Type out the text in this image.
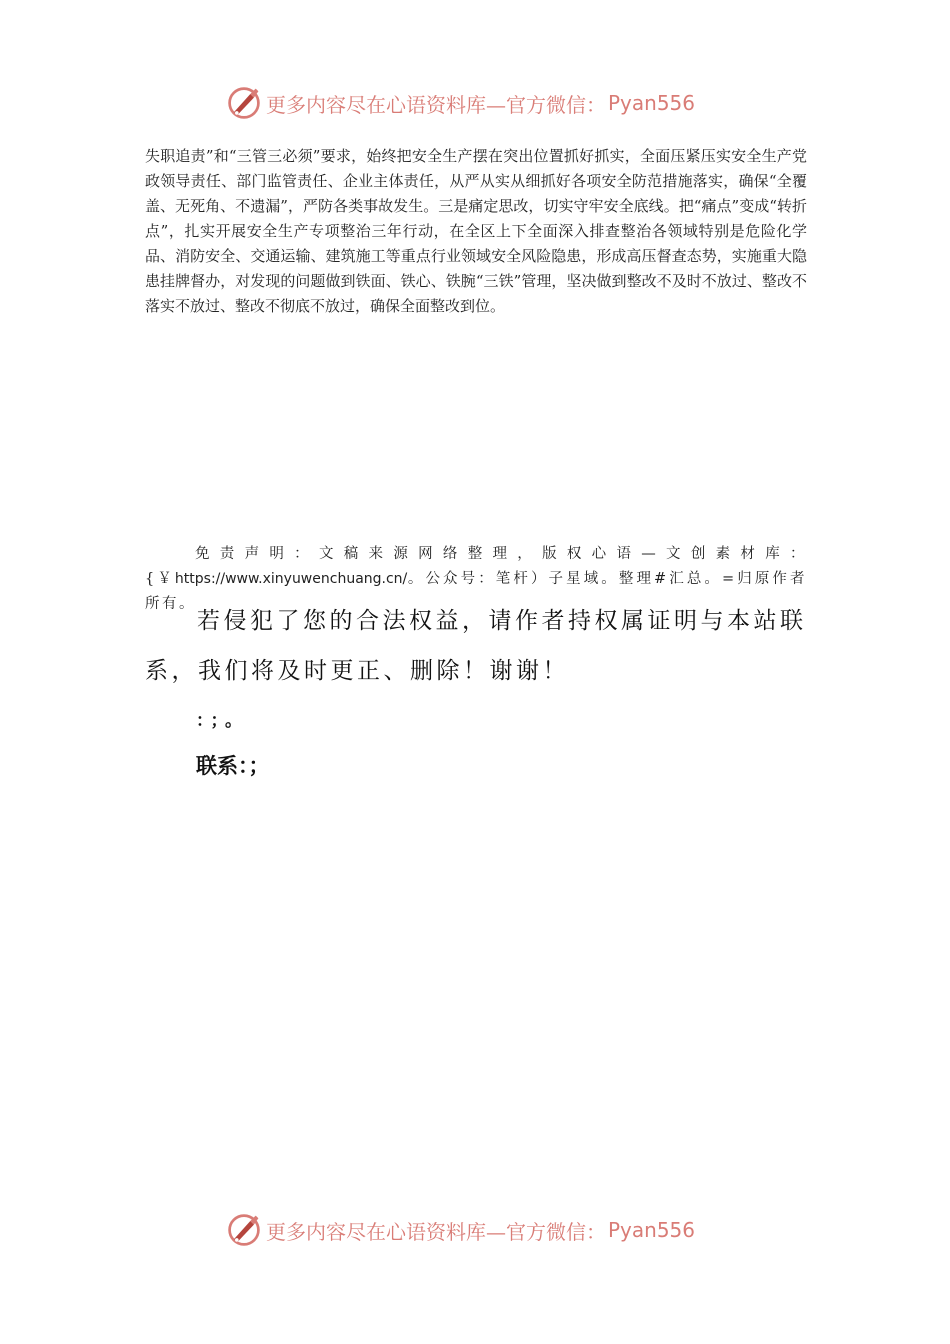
更多内容尽在心语资料库—官方微信： Pyan556

失职追责”和“三管三必须”要求，始终把安全生产摆在突出位置抓好抓实，全面压紧压实安全生产党政领导责任、部门监管责任、企业主体责任，从严从实从细抓好各项安全防范措施落实，确保“全覆盖、无死角、不遗漏”，严防各类事故发生。三是痛定思改，切实守牢安全底线。把“痛点”变成“转折点”，扎实开展安全生产专项整治三年行动，在全区上下全面深入排查整治各领域特别是危险化学品、消防安全、交通运输、建筑施工等重点行业领域安全风险隐患，形成高压督查态势，实施重大隐患挂牌督办，对发现的问题做到铁面、铁心、铁腕“三铁”管理，坚决做到整改不及时不放过、整改不落实不放过、整改不彻底不放过，确保全面整改到位。

免责声明：文稿来源网络整理，版权心语—文创素材库：{￥https://www.xinyuwenchuang.cn/。公众号：笔杆）子星域。整理#汇总。=归原作者所有。

若侵犯了您的合法权益，请作者持权属证明与本站联系，我们将及时更正、删除！谢谢！

：；。

联系：；

更多内容尽在心语资料库—官方微信： Pyan556
